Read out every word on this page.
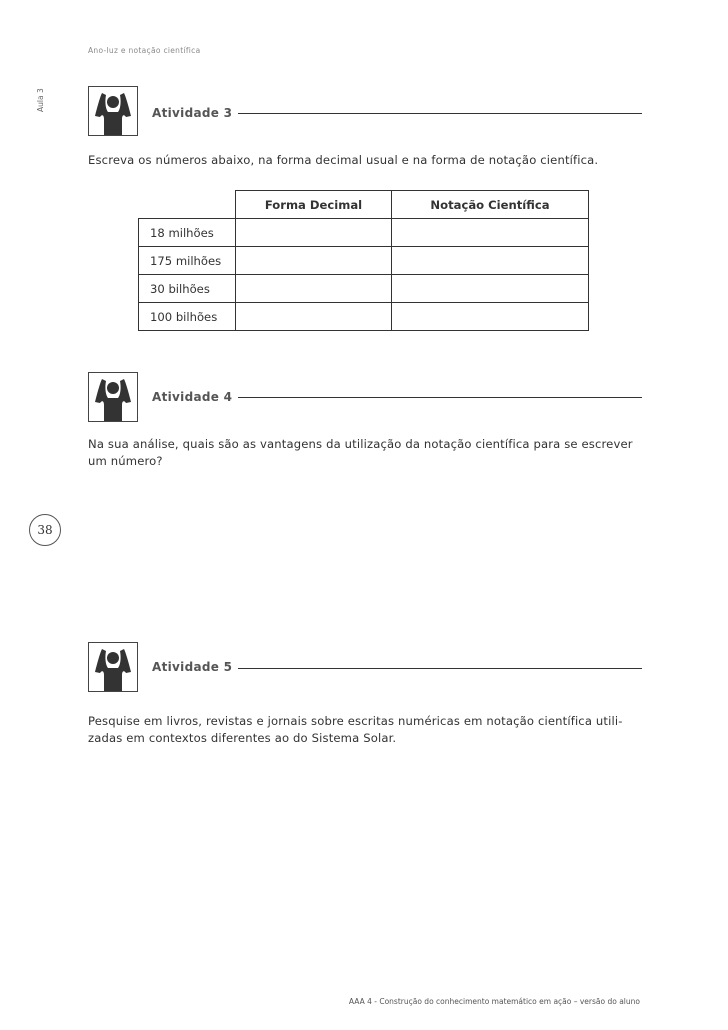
Ano-luz e notação científica
Aula 3
38
Atividade 3
Escreva os números abaixo, na forma decimal usual e na forma de notação científica.
	Forma Decimal	Notação Científica
18 milhões		
175 milhões		
30 bilhões		
100 bilhões		
Atividade 4
Na sua análise, quais são as vantagens da utilização da notação científica para se escrever
um número?
Atividade 5
Pesquise em livros, revistas e jornais sobre escritas numéricas em notação científica utili-
zadas em contextos diferentes ao do Sistema Solar.
AAA 4 - Construção do conhecimento matemático em ação – versão do aluno
